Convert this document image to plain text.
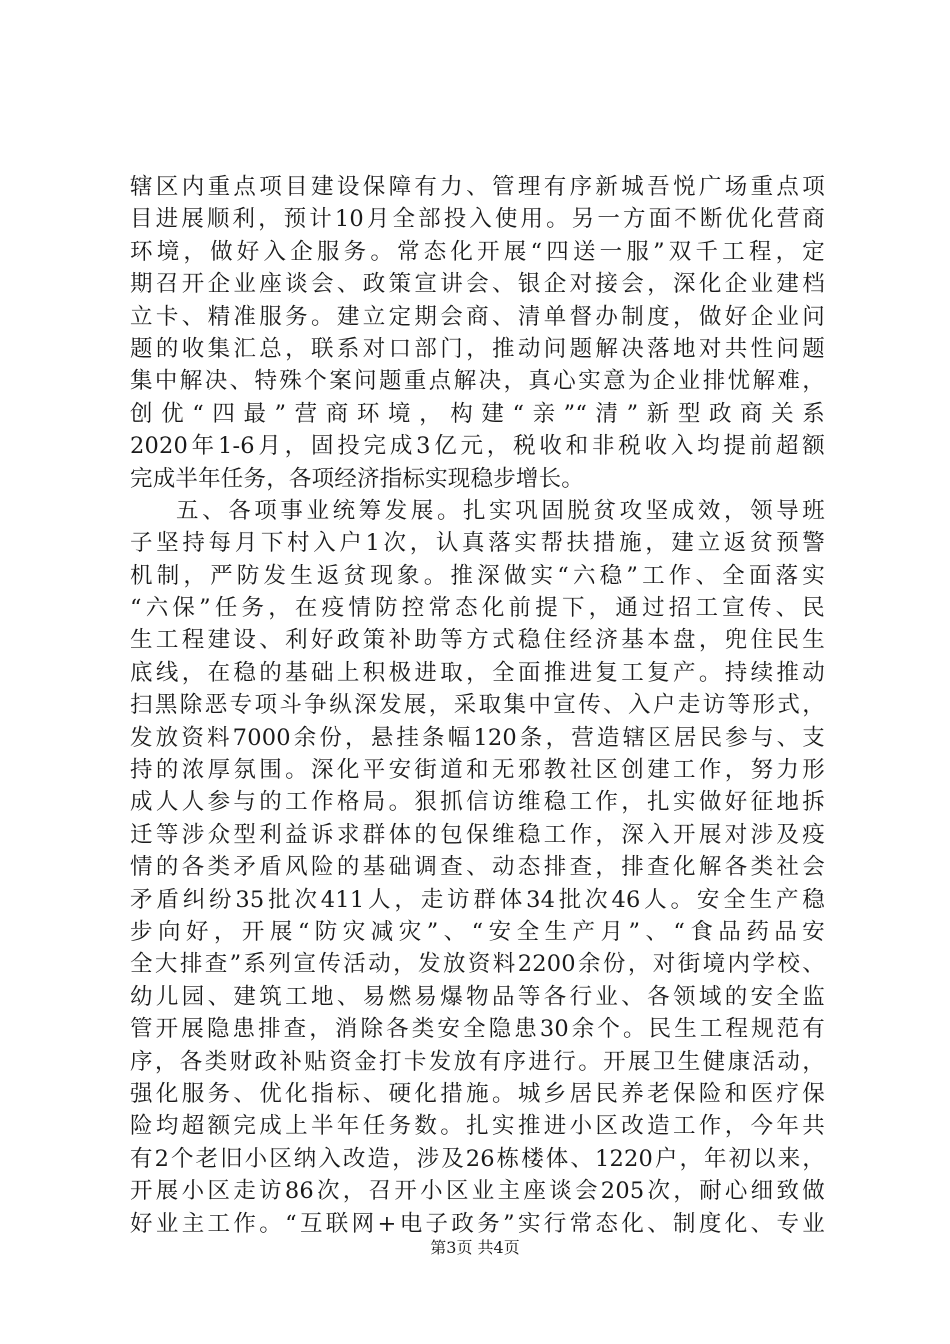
辖区内重点项目建设保障有力、管理有序新城吾悦广场重点项
目进展顺利，预计10月全部投入使用。另一方面不断优化营商
环境，做好入企服务。常态化开展“四送一服”双千工程，定
期召开企业座谈会、政策宣讲会、银企对接会，深化企业建档
立卡、精准服务。建立定期会商、清单督办制度，做好企业问
题的收集汇总，联系对口部门，推动问题解决落地对共性问题
集中解决、特殊个案问题重点解决，真心实意为企业排忧解难，
创优“四最”营商环境，构建“亲”“清”新型政商关系
2020年1-6月，固投完成3亿元，税收和非税收入均提前超额
完成半年任务，各项经济指标实现稳步增长。
五、各项事业统筹发展。扎实巩固脱贫攻坚成效，领导班
子坚持每月下村入户1次，认真落实帮扶措施，建立返贫预警
机制，严防发生返贫现象。推深做实“六稳”工作、全面落实
“六保”任务，在疫情防控常态化前提下，通过招工宣传、民
生工程建设、利好政策补助等方式稳住经济基本盘，兜住民生
底线，在稳的基础上积极进取，全面推进复工复产。持续推动
扫黑除恶专项斗争纵深发展，采取集中宣传、入户走访等形式，
发放资料7000余份，悬挂条幅120条，营造辖区居民参与、支
持的浓厚氛围。深化平安街道和无邪教社区创建工作，努力形
成人人参与的工作格局。狠抓信访维稳工作，扎实做好征地拆
迁等涉众型利益诉求群体的包保维稳工作，深入开展对涉及疫
情的各类矛盾风险的基础调查、动态排查，排查化解各类社会
矛盾纠纷35批次411人，走访群体34批次46人。安全生产稳
步向好，开展“防灾减灾”、“安全生产月”、“食品药品安
全大排查”系列宣传活动，发放资料2200余份，对街境内学校、
幼儿园、建筑工地、易燃易爆物品等各行业、各领域的安全监
管开展隐患排查，消除各类安全隐患30余个。民生工程规范有
序，各类财政补贴资金打卡发放有序进行。开展卫生健康活动，
强化服务、优化指标、硬化措施。城乡居民养老保险和医疗保
险均超额完成上半年任务数。扎实推进小区改造工作，今年共
有2个老旧小区纳入改造，涉及26栋楼体、1220户，年初以来，
开展小区走访86次，召开小区业主座谈会205次，耐心细致做
好业主工作。“互联网+电子政务”实行常态化、制度化、专业
第3页 共4页
